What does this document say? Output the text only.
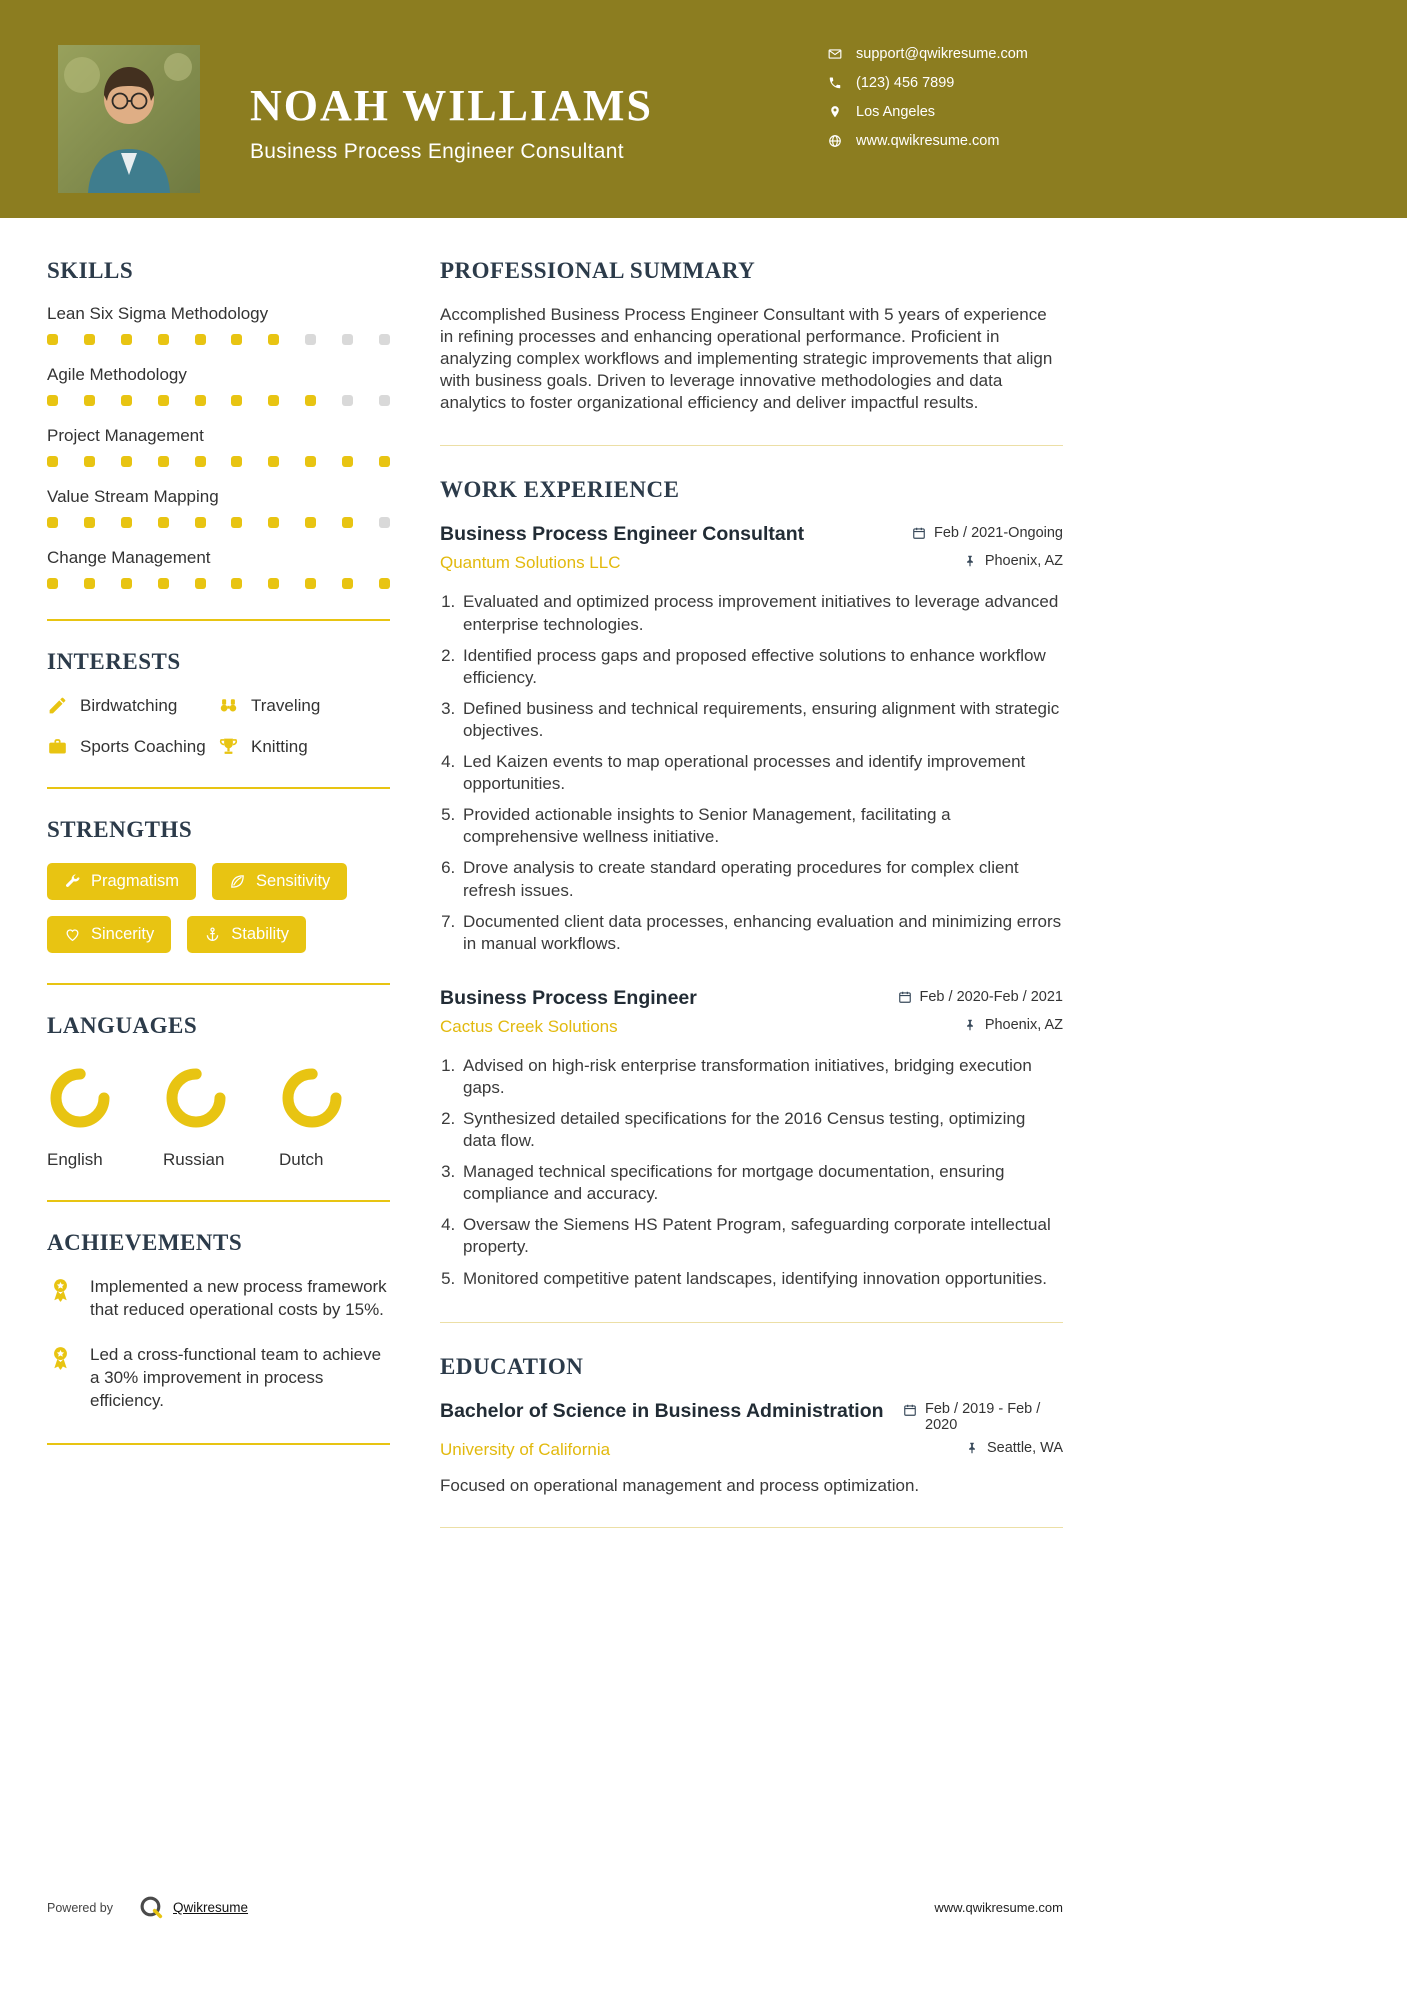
NOAH WILLIAMS
Business Process Engineer Consultant
support@qwikresume.com
(123) 456 7899
Los Angeles
www.qwikresume.com
SKILLS
Lean Six Sigma Methodology
Agile Methodology
Project Management
Value Stream Mapping
Change Management
INTERESTS
Birdwatching	Traveling
Sports Coaching	Knitting
STRENGTHS
Pragmatism	Sensitivity
Sincerity	Stability
LANGUAGES
English	Russian	Dutch
ACHIEVEMENTS
Implemented a new process framework that reduced operational costs by 15%.
Led a cross-functional team to achieve a 30% improvement in process efficiency.
PROFESSIONAL SUMMARY

Accomplished Business Process Engineer Consultant with 5 years of experience in refining processes and enhancing operational performance. Proficient in analyzing complex workflows and implementing strategic improvements that align with business goals. Driven to leverage innovative methodologies and data analytics to foster organizational efficiency and deliver impactful results.

WORK EXPERIENCE
Business Process Engineer Consultant	Feb / 2021-Ongoing
Quantum Solutions LLC	Phoenix, AZ
1. Evaluated and optimized process improvement initiatives to leverage advanced enterprise technologies.
2. Identified process gaps and proposed effective solutions to enhance workflow efficiency.
3. Defined business and technical requirements, ensuring alignment with strategic objectives.
4. Led Kaizen events to map operational processes and identify improvement opportunities.
5. Provided actionable insights to Senior Management, facilitating a comprehensive wellness initiative.
6. Drove analysis to create standard operating procedures for complex client refresh issues.
7. Documented client data processes, enhancing evaluation and minimizing errors in manual workflows.
Business Process Engineer	Feb / 2020-Feb / 2021
Cactus Creek Solutions	Phoenix, AZ
1. Advised on high-risk enterprise transformation initiatives, bridging execution gaps.
2. Synthesized detailed specifications for the 2016 Census testing, optimizing data flow.
3. Managed technical specifications for mortgage documentation, ensuring compliance and accuracy.
4. Oversaw the Siemens HS Patent Program, safeguarding corporate intellectual property.
5. Monitored competitive patent landscapes, identifying innovation opportunities.
EDUCATION
Bachelor of Science in Business Administration	Feb / 2019 - Feb / 2020
University of California	Seattle, WA

Focused on operational management and process optimization.

Powered by	Qwikresume	www.qwikresume.com
